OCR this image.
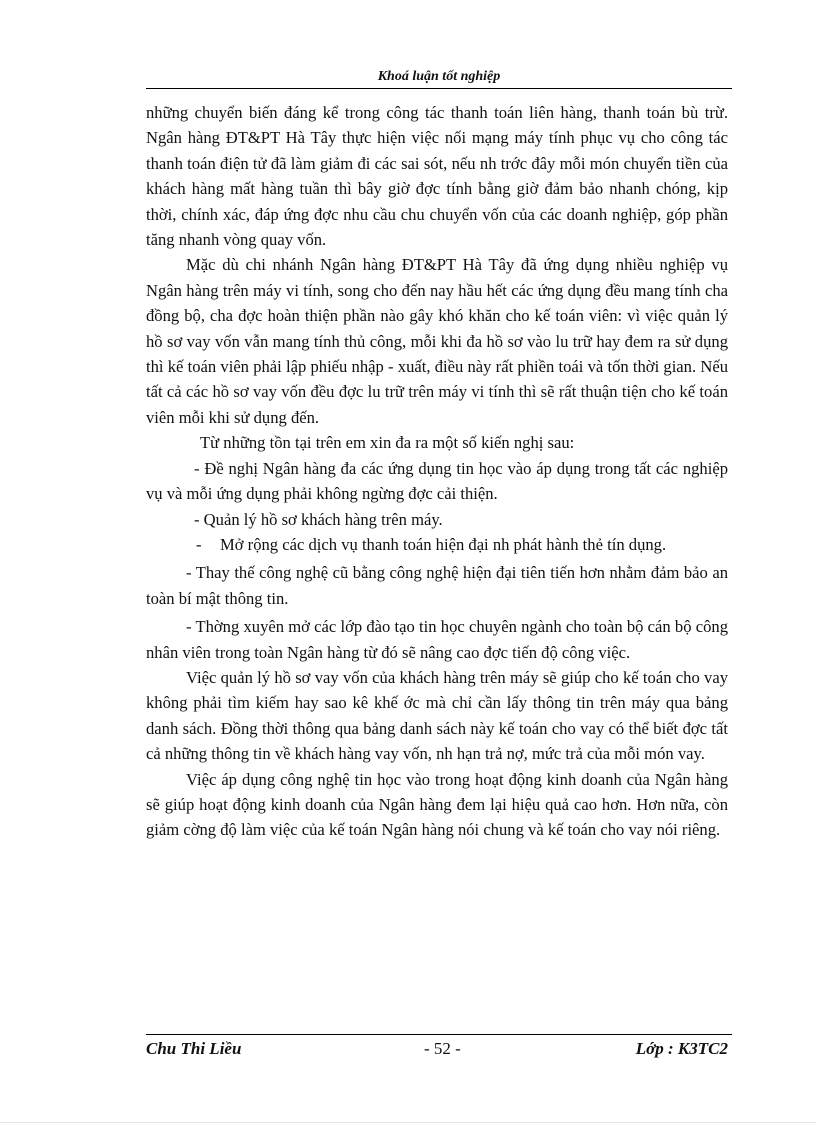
Khoá luận tốt nghiệp

những chuyển biến đáng kể trong công tác thanh toán liên hàng, thanh toán bù trừ. Ngân hàng ĐT&PT Hà Tây thực hiện việc nối mạng máy tính phục vụ cho công tác thanh toán điện tử đã làm giảm đi các sai sót, nếu nh trớc đây mỗi món chuyển tiền của khách hàng mất hàng tuần thì bây giờ đợc tính bằng giờ đảm bảo nhanh chóng, kịp thời, chính xác, đáp ứng đợc nhu cầu chu chuyển vốn của các doanh nghiệp, góp phần tăng nhanh vòng quay vốn.

Mặc dù chi nhánh Ngân hàng ĐT&PT Hà Tây đã ứng dụng nhiều nghiệp vụ Ngân hàng trên máy vi tính, song cho đến nay hầu hết các ứng dụng đều mang tính cha đồng bộ, cha đợc hoàn thiện phần nào gây khó khăn cho kế toán viên: vì việc quản lý hồ sơ vay vốn vẫn mang tính thủ công, mỗi khi đa hồ sơ vào lu trữ hay đem ra sử dụng thì kế toán viên phải lập phiếu nhập - xuất, điều này rất phiền toái và tốn thời gian. Nếu tất cả các hồ sơ vay vốn đều đợc lu trữ trên máy vi tính thì sẽ rất thuận tiện cho kế toán viên mỗi khi sử dụng đến.

Từ những tồn tại trên em xin đa ra một số kiến nghị sau:

- Đề nghị Ngân hàng đa các ứng dụng tin học vào áp dụng trong tất các nghiệp vụ và mỗi ứng dụng phải không ngừng đợc cải thiện.

- Quản lý hồ sơ khách hàng trên máy.

- Mở rộng các dịch vụ thanh toán hiện đại nh phát hành thẻ tín dụng.

- Thay thế công nghệ cũ bằng công nghệ hiện đại tiên tiến hơn nhằm đảm bảo an toàn bí mật thông tin.

- Thờng xuyên mở các lớp đào tạo tin học chuyên ngành cho toàn bộ cán bộ công nhân viên trong toàn Ngân hàng từ đó sẽ nâng cao đợc tiến độ công việc.

Việc quản lý hồ sơ vay vốn của khách hàng trên máy sẽ giúp cho kế toán cho vay không phải tìm kiếm hay sao kê khế ớc mà chỉ cần lấy thông tin trên máy qua bảng danh sách. Đồng thời thông qua bảng danh sách này kế toán cho vay có thể biết đợc tất cả những thông tin về khách hàng vay vốn, nh hạn trả nợ, mức trả của mỗi món vay.

Việc áp dụng công nghệ tin học vào trong hoạt động kinh doanh của Ngân hàng sẽ giúp hoạt động kinh doanh của Ngân hàng đem lại hiệu quả cao hơn. Hơn nữa, còn giảm cờng độ làm việc của kế toán Ngân hàng nói chung và kế toán cho vay nói riêng.

Chu Thi Liều	- 52 -	Lớp : K3TC2
